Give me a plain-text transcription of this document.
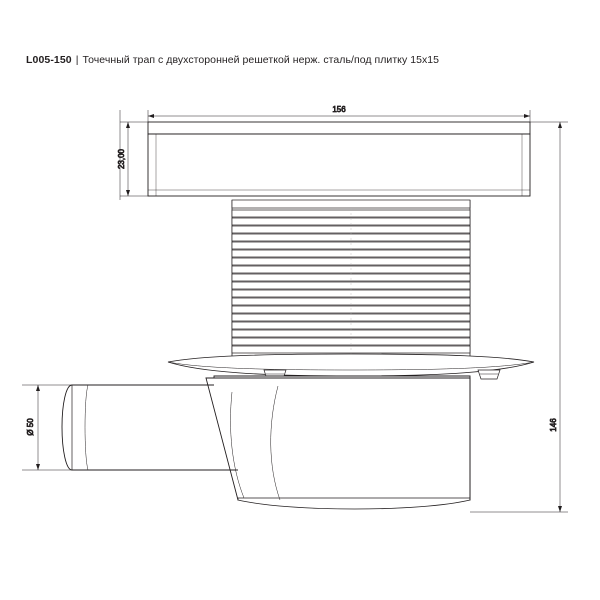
L005-150 | Точечный трап с двухсторонней решеткой нерж. сталь/под плитку 15х15
156
23,00
146
Ø 50
